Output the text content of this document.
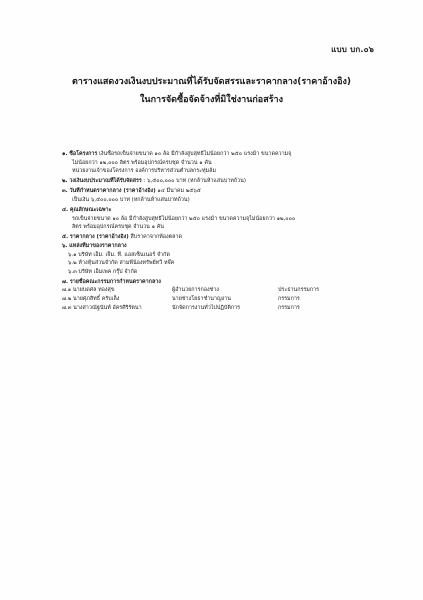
แบบ บก.๐๖
ตารางแสดงวงเงินงบประมาณที่ได้รับจัดสรรและราคากลาง(ราคาอ้างอิง)
ในการจัดซื้อจัดจ้างที่มิใช่งานก่อสร้าง
๑. ชื่อโครงการ เงินซื้อรถเข็นจ่ายขนาด ๑๐ ล้อ มีกำลังสูบสุทธิไม่น้อยกว่า ๒๕๐ แรงม้า ขนาดความจุ
ไม่น้อยกว่า ๑๒,๐๐๐ ลิตร พร้อมอุปกรณ์ครบชุด จำนวน ๑ คัน
หน่วยงานเจ้าของโครงการ องค์การบริหารส่วนตำบลกระทุ่มล้ม
๒. วงเงินงบประมาณที่ได้รับจัดสรร : ๖,๕๐๐,๐๐๐ บาท (หกล้านห้าแสนบาทถ้วน)
๓. วันที่กำหนดราคากลาง (ราคาอ้างอิง) ๑๔ มีนาคม ๒๕๖๕
เป็นเงิน ๖,๕๐๐,๐๐๐ บาท (หกล้านห้าแสนบาทถ้วน)
๔. คุณลักษณะเฉพาะ
รถเข็นจ่ายขนาด ๑๐ ล้อ มีกำลังสูบสุทธิไม่น้อยกว่า ๒๕๐ แรงม้า ขนาดความจุไม่น้อยกว่า ๑๒,๐๐๐
ลิตร พร้อมอุปกรณ์ครบชุด จำนวน ๑ คัน
๕. ราคากลาง (ราคาอ้างอิง) สืบราคาจากท้องตลาด
๖. แหล่งที่มาของราคากลาง
๖.๑ บริษัท เอ็ม. เจ็ม. ที. แอสเซ็นเนอร์ จำกัด
๖.๒ ห้างหุ้นส่วนจำกัด สามพี่น้องทรัพย์ทวี หจ๊ค
๖.๓ บริษัท เอ็มเพค กรุ๊ป จำกัด
๗. รายชื่อคณะกรรมการกำหนดราคากลาง
๗.๑ นายบดศล ทองสุข	ผู้อำนวยการกองช่าง	ประธานกรรมการ
๗.๒ นายศุภสิทธิ์ ครับเล็ง	นายช่างโยธาชำนาญงาน	กรรมการ
๗.๓ นางสาวณัฐนันท์ อัครศิริรัตนา	นักจัดการงานทั่วไปปฏิบัติการ	กรรมการ
